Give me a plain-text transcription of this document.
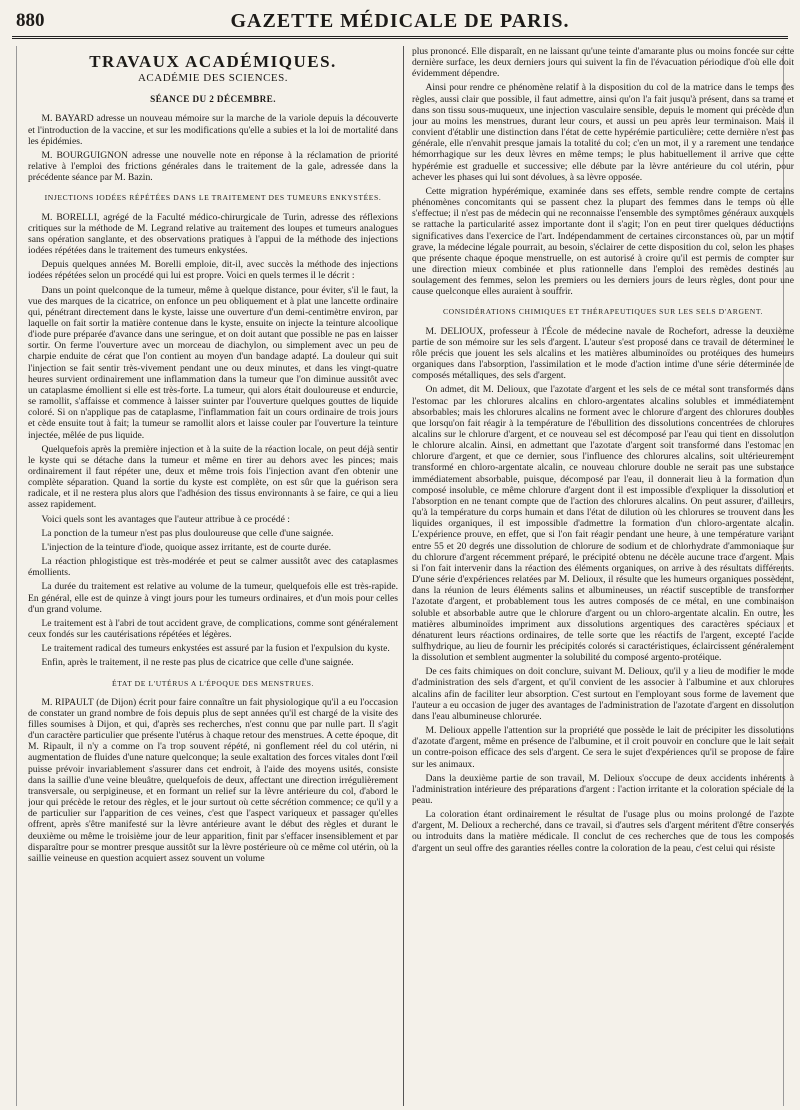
880	GAZETTE MÉDICALE DE PARIS.
TRAVAUX ACADÉMIQUES.
ACADÉMIE DES SCIENCES.
SÉANCE DU 2 DÉCEMBRE.

M. BAYARD adresse un nouveau mémoire sur la marche de la variole depuis la découverte et l'introduction de la vaccine, et sur les modifications qu'elle a subies et la loi de mortalité dans les épidémies.

M. BOURGUIGNON adresse une nouvelle note en réponse à la réclamation de priorité relative à l'emploi des frictions générales dans le traitement de la gale, adressée dans la précédente séance par M. Bazin.

INJECTIONS IODÉES RÉPÉTÉES DANS LE TRAITEMENT DES TUMEURS ENKYSTÉES.

M. BORELLI, agrégé de la Faculté médico-chirurgicale de Turin, adresse des réflexions critiques sur la méthode de M. Legrand relative au traitement des loupes et tumeurs analogues sans opération sanglante, et des observations pratiques à l'appui de la méthode des injections iodées répétées dans le traitement des tumeurs enkystées.

Depuis quelques années M. Borelli emploie, dit-il, avec succès la méthode des injections iodées répétées selon un procédé qui lui est propre. Voici en quels termes il le décrit :

Dans un point quelconque de la tumeur, même à quelque distance, pour éviter, s'il le faut, la vue des marques de la cicatrice, on enfonce un peu obliquement et à plat une lancette ordinaire qui, pénétrant directement dans le kyste, laisse une ouverture d'un demi-centimètre environ, par laquelle on fait sortir la matière contenue dans le kyste, ensuite on injecte la teinture alcoolique d'iode pure préparée d'avance dans une seringue, et on doit autant que possible ne pas en laisser sortir. On ferme l'ouverture avec un morceau de diachylon, ou simplement avec un peu de charpie enduite de cérat que l'on contient au moyen d'un bandage adapté. La douleur qui suit l'injection se fait sentir très-vivement pendant une ou deux minutes, et dans les vingt-quatre heures survient ordinairement une inflammation dans la tumeur que l'on diminue aussitôt avec un cataplasme émollient si elle est très-forte. La tumeur, qui alors était douloureuse et endurcie, se ramollit, s'affaisse et commence à laisser suinter par l'ouverture quelques gouttes de liquide coloré. Si on n'applique pas de cataplasme, l'inflammation fait un cours ordinaire de trois jours et cède ensuite tout à fait; la tumeur se ramollit alors et laisse couler par l'ouverture la teinture injectée, mêlée de pus liquide.

Quelquefois après la première injection et à la suite de la réaction locale, on peut déjà sentir le kyste qui se détache dans la tumeur et même en tirer au dehors avec les pinces; mais ordinairement il faut répéter une, deux et même trois fois l'injection avant d'en obtenir une complète séparation. Quand la sortie du kyste est complète, on est sûr que la guérison sera radicale, et il ne restera plus alors que l'adhésion des tissus environnants à se faire, ce qui a lieu assez rapidement.

Voici quels sont les avantages que l'auteur attribue à ce procédé :

La ponction de la tumeur n'est pas plus douloureuse que celle d'une saignée.

L'injection de la teinture d'iode, quoique assez irritante, est de courte durée.

La réaction phlogistique est très-modérée et peut se calmer aussitôt avec des cataplasmes émollients.

La durée du traitement est relative au volume de la tumeur, quelquefois elle est très-rapide. En général, elle est de quinze à vingt jours pour les tumeurs ordinaires, et d'un mois pour celles d'un grand volume.

Le traitement est à l'abri de tout accident grave, de complications, comme sont généralement ceux fondés sur les cautérisations répétées et légères.

Le traitement radical des tumeurs enkystées est assuré par la fusion et l'expulsion du kyste.

Enfin, après le traitement, il ne reste pas plus de cicatrice que celle d'une saignée.

ÉTAT DE L'UTÉRUS A L'ÉPOQUE DES MENSTRUES.

M. RIPAULT (de Dijon) écrit pour faire connaître un fait physiologique qu'il a eu l'occasion de constater un grand nombre de fois depuis plus de sept années qu'il est chargé de la visite des filles soumises à Dijon, et qui, d'après ses recherches, n'est connu que par nulle part. Il s'agit d'un caractère particulier que présente l'utérus à chaque retour des menstrues. A cette époque, dit M. Ripault, il n'y a comme on l'a trop souvent répété, ni gonflement réel du col utérin, ni augmentation de fluides d'une nature quelconque; la seule exaltation des forces vitales dont l'œil puisse prévoir invariablement s'assurer dans cet endroit, à l'aide des moyens usités, consiste dans la saillie d'une veine bleuâtre, quelquefois de deux, affectant une direction irrégulièrement transversale, ou serpigineuse, et en formant un relief sur la lèvre antérieure du col, d'abord le jour qui précède le retour des règles, et le jour surtout où cette sécrétion commence; ce qu'il y a de particulier sur l'apparition de ces veines, c'est que l'aspect variqueux et passager qu'elles offrent, après s'être manifesté sur la lèvre antérieure avant le début des règles et durant le deuxième ou même le troisième jour de leur apparition, finit par s'effacer insensiblement et par disparaître pour se montrer presque aussitôt sur la lèvre postérieure où ce même col utérin, où la saillie veineuse en question acquiert assez souvent un volume

plus prononcé. Elle disparaît, en ne laissant qu'une teinte d'amarante plus ou moins foncée sur cette dernière surface, les deux derniers jours qui suivent la fin de l'évacuation périodique d'où elle doit évidemment dépendre.

Ainsi pour rendre ce phénomène relatif à la disposition du col de la matrice dans le temps des règles, aussi clair que possible, il faut admettre, ainsi qu'on l'a fait jusqu'à présent, dans sa trame et dans son tissu sous-muqueux, une injection vasculaire sensible, depuis le moment qui précède d'un jour au moins les menstrues, durant leur cours, et aussi un peu après leur terminaison. Mais il convient d'établir une distinction dans l'état de cette hypérémie particulière; cette dernière n'est pas générale, elle n'envahit presque jamais la totalité du col; c'en un mot, il y a rarement une tendance hémorrhagique sur les deux lèvres en même temps; le plus habituellement il arrive que cette hypérémie est graduelle et successive; elle débute par la lèvre antérieure du col utérin, pour achever les phases qui lui sont dévolues, à sa lèvre opposée.

Cette migration hypérémique, examinée dans ses effets, semble rendre compte de certains phénomènes concomitants qui se passent chez la plupart des femmes dans le temps où elle s'effectue; il n'est pas de médecin qui ne reconnaisse l'ensemble des symptômes généraux auxquels se rattache la particularité assez importante dont il s'agit; l'on en peut tirer quelques déductions significatives dans l'exercice de l'art. Indépendamment de certaines circonstances où, par un motif grave, la médecine légale pourrait, au besoin, s'éclairer de cette disposition du col, selon les phases que présente chaque époque menstruelle, on est autorisé à croire qu'il est permis de compter sur une direction mieux combinée et plus rationnelle dans l'emploi des remèdes destinés au soulagement des femmes, selon les premiers ou les derniers jours de leurs règles, dont pour une cause quelconque elles auraient à souffrir.

CONSIDÉRATIONS CHIMIQUES ET THÉRAPEUTIQUES SUR LES SELS D'ARGENT.

M. DELIOUX, professeur à l'École de médecine navale de Rochefort, adresse la deuxième partie de son mémoire sur les sels d'argent. L'auteur s'est proposé dans ce travail de déterminer le rôle précis que jouent les sels alcalins et les matières albuminoïdes ou protéiques des humeurs organiques dans l'absorption, l'assimilation et le mode d'action intime d'une série déterminée de composés métalliques, des sels d'argent.

On admet, dit M. Delioux, que l'azotate d'argent et les sels de ce métal sont transformés dans l'estomac par les chlorures alcalins en chloro-argentates alcalins solubles et immédiatement absorbables; mais les chlorures alcalins ne forment avec le chlorure d'argent des chlorures doubles que lorsqu'on fait réagir à la température de l'ébullition des dissolutions concentrées de chlorures alcalins sur le chlorure d'argent, et ce nouveau sel est décomposé par l'eau qui tient en dissolution le chlorure alcalin. Ainsi, en admettant que l'azotate d'argent soit transformé dans l'estomac en chlorure d'argent, et que ce dernier, sous l'influence des chlorures alcalins, soit ultérieurement transformé en chloro-argentate alcalin, ce nouveau chlorure double ne serait pas une substance immédiatement absorbable, puisque, décomposé par l'eau, il donnerait lieu à la formation d'un composé insoluble, ce même chlorure d'argent dont il est impossible d'expliquer la dissolution et l'absorption en ne tenant compte que de l'action des chlorures alcalins. On peut assurer, d'ailleurs, qu'à la température du corps humain et dans l'état de dilution où les chlorures se trouvent dans les liquides organiques, il est impossible d'admettre la formation d'un chloro-argentate alcalin. L'expérience prouve, en effet, que si l'on fait réagir pendant une heure, à une température variant entre 55 et 20 degrés une dissolution de chlorure de sodium et de chlorhydrate d'ammoniaque sur du chlorure d'argent récemment préparé, le précipité obtenu ne décèle aucune trace d'argent. Mais si l'on fait intervenir dans la réaction des éléments organiques, on arrive à des résultats différents. D'une série d'expériences relatées par M. Delioux, il résulte que les humeurs organiques possèdent, dans la réunion de leurs éléments salins et albumineuses, un réactif susceptible de transformer l'azotate d'argent, et probablement tous les autres composés de ce métal, en une combinaison soluble et absorbable autre que le chlorure d'argent ou un chloro-argentate alcalin. En outre, les matières albuminoïdes impriment aux dissolutions argentiques des caractères spéciaux et dénaturent leurs réactions ordinaires, de telle sorte que les réactifs de l'argent, excepté l'acide sulfhydrique, au lieu de fournir les précipités colorés si caractéristiques, éclaircissent généralement la dissolution et semblent augmenter la solubilité du composé argento-protéique.

De ces faits chimiques on doit conclure, suivant M. Delioux, qu'il y a lieu de modifier le mode d'administration des sels d'argent, et qu'il convient de les associer à l'albumine et aux chlorures alcalins afin de faciliter leur absorption. C'est surtout en l'employant sous forme de lavement que l'auteur a eu occasion de juger des avantages de l'administration de l'azotate d'argent en dissolution dans l'eau albumineuse chlorurée.

M. Delioux appelle l'attention sur la propriété que possède le lait de précipiter les dissolutions d'azotate d'argent, même en présence de l'albumine, et il croit pouvoir en conclure que le lait serait un contre-poison efficace des sels d'argent. Ce sera le sujet d'expériences qu'il se propose de faire sur les animaux.

Dans la deuxième partie de son travail, M. Delioux s'occupe de deux accidents inhérents à l'administration intérieure des préparations d'argent : l'action irritante et la coloration spéciale de la peau.

La coloration étant ordinairement le résultat de l'usage plus ou moins prolongé de l'azote d'argent, M. Delioux a recherché, dans ce travail, si d'autres sels d'argent méritent d'être conservés ou introduits dans la matière médicale. Il conclut de ces recherches que de tous les composés d'argent un seul offre des garanties réelles contre la coloration de la peau, c'est celui qui résiste
